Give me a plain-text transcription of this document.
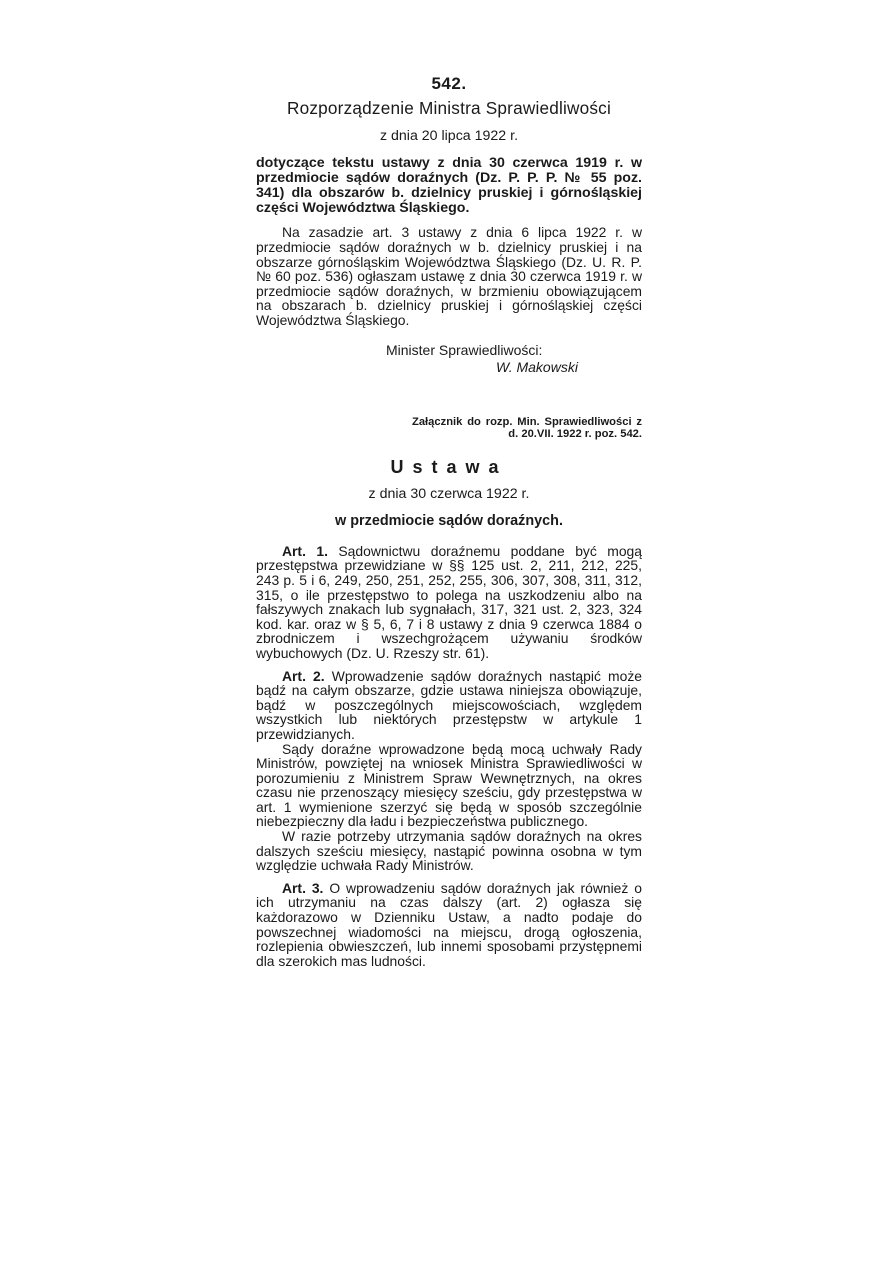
542.
Rozporządzenie Ministra Sprawiedliwości
z dnia 20 lipca 1922 r.
dotyczące tekstu ustawy z dnia 30 czerwca 1919 r. w przedmiocie sądów doraźnych (Dz. P. P. P. № 55 poz. 341) dla obszarów b. dzielnicy pruskiej i górnośląskiej części Województwa Śląskiego.
Na zasadzie art. 3 ustawy z dnia 6 lipca 1922 r. w przedmiocie sądów doraźnych w b. dzielnicy pruskiej i na obszarze górnośląskim Województwa Śląskiego (Dz. U. R. P. № 60 poz. 536) ogłaszam ustawę z dnia 30 czerwca 1919 r. w przedmiocie sądów doraźnych, w brzmieniu obowiązującem na obszarach b. dzielnicy pruskiej i górnośląskiej części Województwa Śląskiego.
Minister Sprawiedliwości:
W. Makowski
Załącznik do rozp. Min. Sprawiedliwości z d. 20.VII. 1922 r. poz. 542.
Ustawa
z dnia 30 czerwca 1922 r.
w przedmiocie sądów doraźnych.

Art. 1. Sądownictwu doraźnemu poddane być mogą przestępstwa przewidziane w §§ 125 ust. 2, 211, 212, 225, 243 p. 5 i 6, 249, 250, 251, 252, 255, 306, 307, 308, 311, 312, 315, o ile przestępstwo to polega na uszkodzeniu albo na fałszywych znakach lub sygnałach, 317, 321 ust. 2, 323, 324 kod. kar. oraz w § 5, 6, 7 i 8 ustawy z dnia 9 czerwca 1884 o zbrodniczem i wszechgrożącem używaniu środków wybuchowych (Dz. U. Rzeszy str. 61).

Art. 2. Wprowadzenie sądów doraźnych nastąpić może bądź na całym obszarze, gdzie ustawa niniejsza obowiązuje, bądź w poszczególnych miejscowościach, względem wszystkich lub niektórych przestępstw w artykule 1 przewidzianych.

Sądy doraźne wprowadzone będą mocą uchwały Rady Ministrów, powziętej na wniosek Ministra Sprawiedliwości w porozumieniu z Ministrem Spraw Wewnętrznych, na okres czasu nie przenoszący miesięcy sześciu, gdy przestępstwa w art. 1 wymienione szerzyć się będą w sposób szczególnie niebezpieczny dla ładu i bezpieczeństwa publicznego.

W razie potrzeby utrzymania sądów doraźnych na okres dalszych sześciu miesięcy, nastąpić powinna osobna w tym względzie uchwała Rady Ministrów.

Art. 3. O wprowadzeniu sądów doraźnych jak również o ich utrzymaniu na czas dalszy (art. 2) ogłasza się każdorazowo w Dzienniku Ustaw, a nadto podaje do powszechnej wiadomości na miejscu, drogą ogłoszenia, rozlepienia obwieszczeń, lub innemi sposobami przystępnemi dla szerokich mas ludności.
